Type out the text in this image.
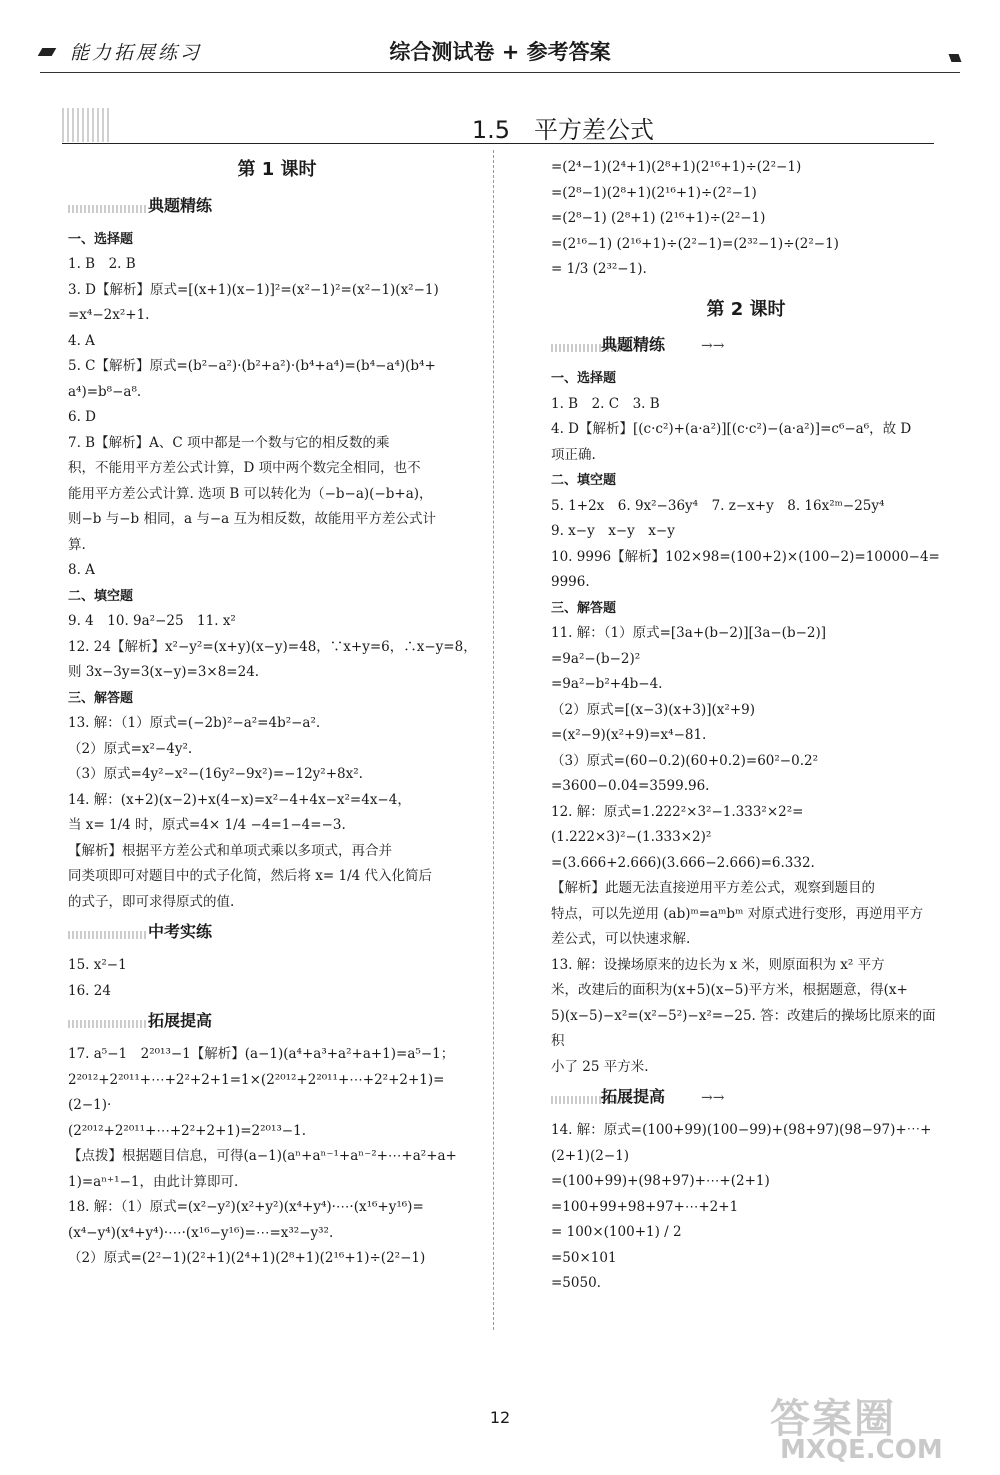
能力拓展练习	综合测试卷 + 参考答案
1.5　平方差公式
第 1 课时
典题精练
一、选择题

1. B　2. B

3. D【解析】原式=[(x+1)(x−1)]²=(x²−1)²=(x²−1)(x²−1)

=x⁴−2x²+1.

4. A

5. C【解析】原式=(b²−a²)·(b²+a²)·(b⁴+a⁴)=(b⁴−a⁴)(b⁴+

a⁴)=b⁸−a⁸.

6. D

7. B【解析】A、C 项中都是一个数与它的相反数的乘

积，不能用平方差公式计算，D 项中两个数完全相同，也不

能用平方差公式计算. 选项 B 可以转化为（−b−a)(−b+a)，

则−b 与−b 相同，a 与−a 互为相反数，故能用平方差公式计

算.

8. A

二、填空题

9. 4　10. 9a²−25　11. x²

12. 24【解析】x²−y²=(x+y)(x−y)=48，∵x+y=6，∴x−y=8，

则 3x−3y=3(x−y)=3×8=24.

三、解答题

13. 解：（1）原式=(−2b)²−a²=4b²−a².

（2）原式=x²−4y².

（3）原式=4y²−x²−(16y²−9x²)=−12y²+8x².

14. 解：(x+2)(x−2)+x(4−x)=x²−4+4x−x²=4x−4，

当 x= 1/4 时，原式=4× 1/4 −4=1−4=−3.

【解析】根据平方差公式和单项式乘以多项式，再合并

同类项即可对题目中的式子化简，然后将 x= 1/4 代入化简后

的式子，即可求得原式的值.

中考实练

15. x²−1

16. 24

拓展提高

17. a⁵−1　2²⁰¹³−1【解析】(a−1)(a⁴+a³+a²+a+1)=a⁵−1；

2²⁰¹²+2²⁰¹¹+⋯+2²+2+1=1×(2²⁰¹²+2²⁰¹¹+⋯+2²+2+1)=(2−1)·

(2²⁰¹²+2²⁰¹¹+⋯+2²+2+1)=2²⁰¹³−1.

【点拨】根据题目信息，可得(a−1)(aⁿ+aⁿ⁻¹+aⁿ⁻²+⋯+a²+a+

1)=aⁿ⁺¹−1，由此计算即可.

18. 解：（1）原式=(x²−y²)(x²+y²)(x⁴+y⁴)·⋯·(x¹⁶+y¹⁶)=

(x⁴−y⁴)(x⁴+y⁴)·⋯·(x¹⁶−y¹⁶)=⋯=x³²−y³².

（2）原式=(2²−1)(2²+1)(2⁴+1)(2⁸+1)(2¹⁶+1)÷(2²−1)

=(2⁴−1)(2⁴+1)(2⁸+1)(2¹⁶+1)÷(2²−1)

=(2⁸−1)(2⁸+1)(2¹⁶+1)÷(2²−1)

=(2⁸−1) (2⁸+1) (2¹⁶+1)÷(2²−1)

=(2¹⁶−1) (2¹⁶+1)÷(2²−1)=(2³²−1)÷(2²−1)

= 1/3 (2³²−1).

第 2 课时
典题精练	→→
一、选择题

1. B　2. C　3. B

4. D【解析】[(c·c²)+(a·a²)][(c·c²)−(a·a²)]=c⁶−a⁶，故 D

项正确.

二、填空题

5. 1+2x　6. 9x²−36y⁴　7. z−x+y　8. 16x²ᵐ−25y⁴

9. x−y　x−y　x−y

10. 9996【解析】102×98=(100+2)×(100−2)=10000−4=

9996.

三、解答题

11. 解：（1）原式=[3a+(b−2)][3a−(b−2)]

=9a²−(b−2)²

=9a²−b²+4b−4.

（2）原式=[(x−3)(x+3)](x²+9)

=(x²−9)(x²+9)=x⁴−81.

（3）原式=(60−0.2)(60+0.2)=60²−0.2²

=3600−0.04=3599.96.

12. 解：原式=1.222²×3²−1.333²×2²=(1.222×3)²−(1.333×2)²

=(3.666+2.666)(3.666−2.666)=6.332.

【解析】此题无法直接逆用平方差公式，观察到题目的

特点，可以先逆用 (ab)ᵐ=aᵐbᵐ 对原式进行变形，再逆用平方

差公式，可以快速求解.

13. 解：设操场原来的边长为 x 米，则原面积为 x² 平方

米，改建后的面积为(x+5)(x−5)平方米，根据题意，得(x+

5)(x−5)−x²=(x²−5²)−x²=−25. 答：改建后的操场比原来的面积

小了 25 平方米.

拓展提高	→→

14. 解：原式=(100+99)(100−99)+(98+97)(98−97)+⋯+

(2+1)(2−1)

=(100+99)+(98+97)+⋯+(2+1)

=100+99+98+97+⋯+2+1

= 100×(100+1) / 2

=50×101

=5050.

12	答案圈
MXQE.COM
